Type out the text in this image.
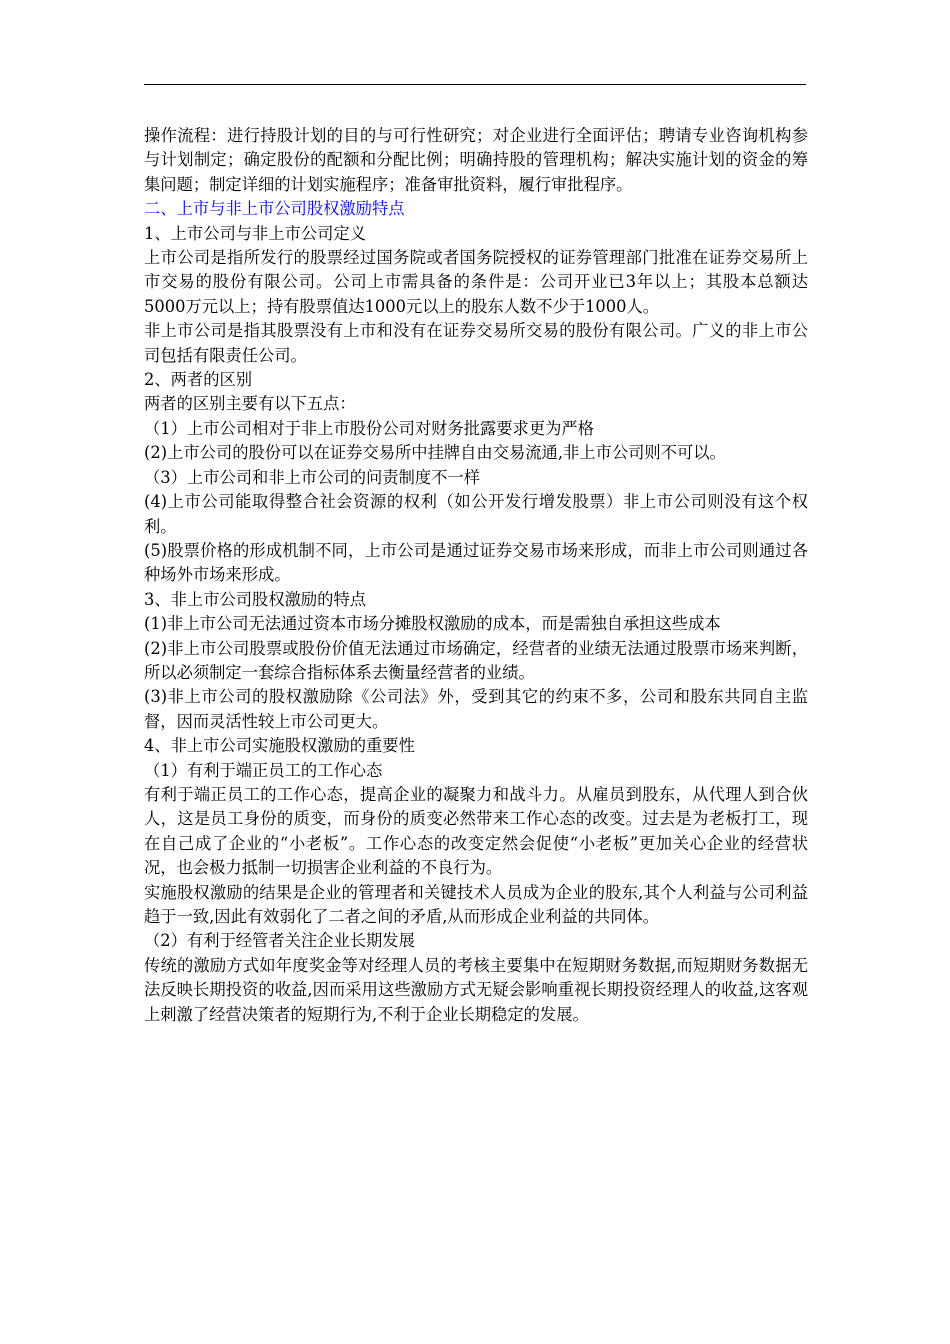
操作流程：进行持股计划的目的与可行性研究；对企业进行全面评估；聘请专业咨询机构参与计划制定；确定股份的配额和分配比例；明确持股的管理机构；解决实施计划的资金的筹集问题；制定详细的计划实施程序；准备审批资料，履行审批程序。

二、上市与非上市公司股权激励特点

1、上市公司与非上市公司定义

上市公司是指所发行的股票经过国务院或者国务院授权的证券管理部门批准在证券交易所上市交易的股份有限公司。公司上市需具备的条件是：公司开业已3年以上；其股本总额达5000万元以上；持有股票值达1000元以上的股东人数不少于1000人。

非上市公司是指其股票没有上市和没有在证券交易所交易的股份有限公司。广义的非上市公司包括有限责任公司。

2、两者的区别

两者的区别主要有以下五点：

（1）上市公司相对于非上市股份公司对财务批露要求更为严格

(2)上市公司的股份可以在证券交易所中挂牌自由交易流通,非上市公司则不可以。

（3）上市公司和非上市公司的问责制度不一样

(4)上市公司能取得整合社会资源的权利（如公开发行增发股票）非上市公司则没有这个权利。

(5)股票价格的形成机制不同，上市公司是通过证券交易市场来形成，而非上市公司则通过各种场外市场来形成。

3、非上市公司股权激励的特点

(1)非上市公司无法通过资本市场分摊股权激励的成本，而是需独自承担这些成本

(2)非上市公司股票或股份价值无法通过市场确定，经营者的业绩无法通过股票市场来判断，所以必须制定一套综合指标体系去衡量经营者的业绩。

(3)非上市公司的股权激励除《公司法》外，受到其它的约束不多，公司和股东共同自主监督，因而灵活性较上市公司更大。

4、非上市公司实施股权激励的重要性

（1）有利于端正员工的工作心态

有利于端正员工的工作心态，提高企业的凝聚力和战斗力。从雇员到股东，从代理人到合伙人，这是员工身份的质变，而身份的质变必然带来工作心态的改变。过去是为老板打工，现在自己成了企业的“小老板”。工作心态的改变定然会促使“小老板”更加关心企业的经营状况，也会极力抵制一切损害企业利益的不良行为。

实施股权激励的结果是企业的管理者和关键技术人员成为企业的股东,其个人利益与公司利益趋于一致,因此有效弱化了二者之间的矛盾,从而形成企业利益的共同体。

（2）有利于经管者关注企业长期发展

传统的激励方式如年度奖金等对经理人员的考核主要集中在短期财务数据,而短期财务数据无法反映长期投资的收益,因而采用这些激励方式无疑会影响重视长期投资经理人的收益,这客观上刺激了经营决策者的短期行为,不利于企业长期稳定的发展。
